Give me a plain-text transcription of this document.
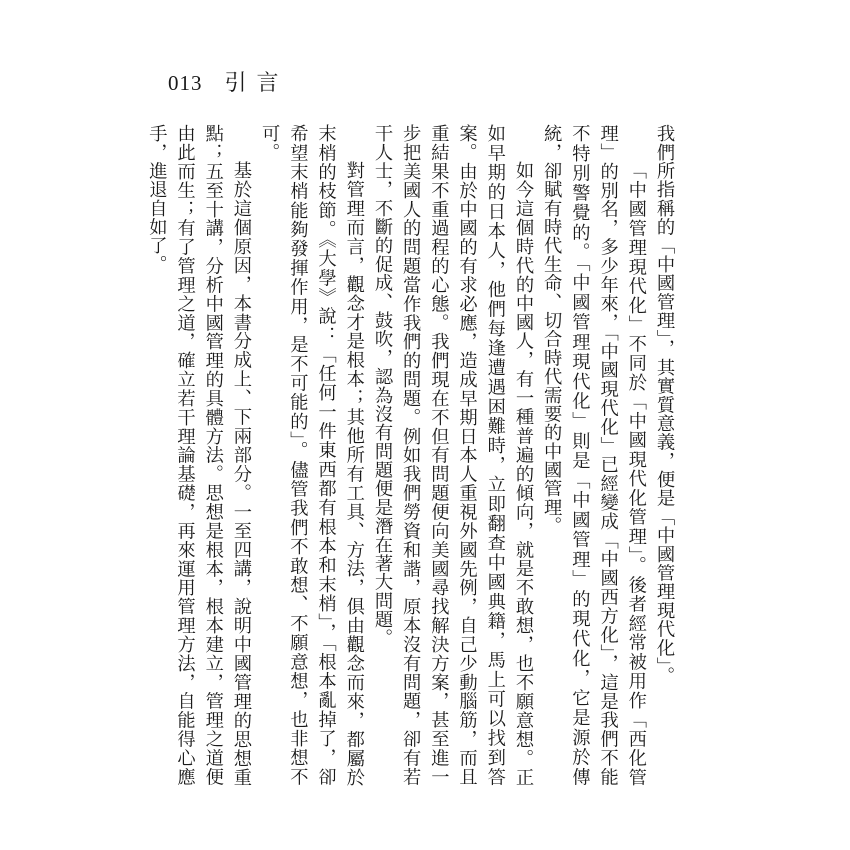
013 引言

我們所指稱的「中國管理」，其實質意義，便是「中國管理現代化」。

「中國管理現代化」不同於「中國現代化管理」。後者經常被用作「西化管理」的別名，多少年來，「中國現代化」已經變成「中國西方化」，這是我們不能不特別警覺的。「中國管理現代化」則是「中國管理」的現代化，它是源於傳統，卻賦有時代生命、切合時代需要的中國管理。

如今這個時代的中國人，有一種普遍的傾向，就是不敢想，也不願意想。正如早期的日本人，他們每逢遭遇困難時，立即翻查中國典籍，馬上可以找到答案。由於中國的有求必應，造成早期日本人重視外國先例，自己少動腦筋，而且重結果不重過程的心態。我們現在不但有問題便向美國尋找解決方案，甚至進一步把美國人的問題當作我們的問題。例如我們勞資和諧，原本沒有問題，卻有若干人士，不斷的促成、鼓吹，認為沒有問題便是潛在著大問題。

對管理而言，觀念才是根本；其他所有工具、方法，俱由觀念而來，都屬於末梢的枝節。《大學》說：「任何一件東西都有根本和末梢」，「根本亂掉了，卻希望末梢能夠發揮作用，是不可能的」。儘管我們不敢想、不願意想，也非想不可。

基於這個原因，本書分成上、下兩部分。一至四講，說明中國管理的思想重點；五至十講，分析中國管理的具體方法。思想是根本，根本建立，管理之道便由此而生；有了管理之道，確立若干理論基礎，再來運用管理方法，自能得心應手，進退自如了。
